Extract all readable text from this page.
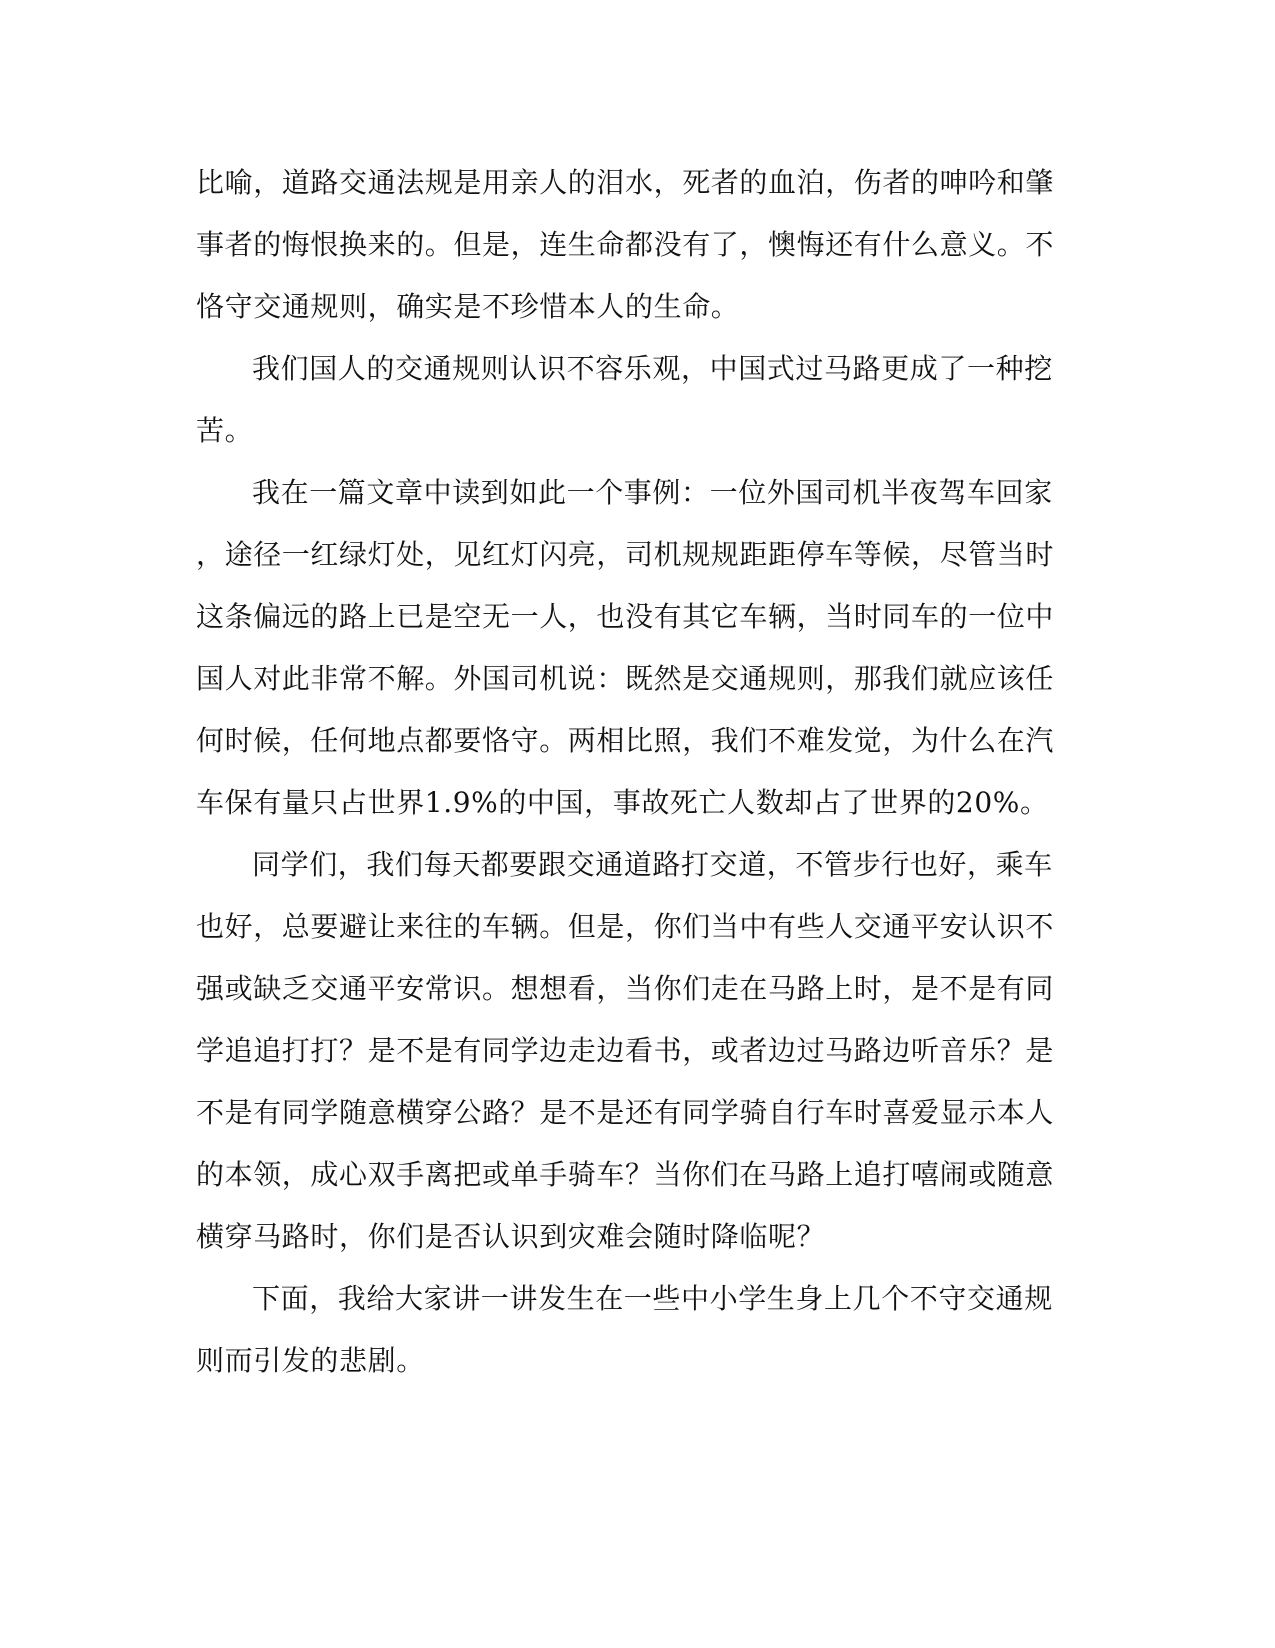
比喻，道路交通法规是用亲人的泪水，死者的血泊，伤者的呻吟和肇
事者的悔恨换来的。但是，连生命都没有了，懊悔还有什么意义。不
恪守交通规则，确实是不珍惜本人的生命。
我们国人的交通规则认识不容乐观，中国式过马路更成了一种挖
苦。
我在一篇文章中读到如此一个事例：一位外国司机半夜驾车回家
，途径一红绿灯处，见红灯闪亮，司机规规距距停车等候，尽管当时
这条偏远的路上已是空无一人，也没有其它车辆，当时同车的一位中
国人对此非常不解。外国司机说：既然是交通规则，那我们就应该任
何时候，任何地点都要恪守。两相比照，我们不难发觉，为什么在汽
车保有量只占世界1.9%的中国，事故死亡人数却占了世界的20%。
同学们，我们每天都要跟交通道路打交道，不管步行也好，乘车
也好，总要避让来往的车辆。但是，你们当中有些人交通平安认识不
强或缺乏交通平安常识。想想看，当你们走在马路上时，是不是有同
学追追打打？是不是有同学边走边看书，或者边过马路边听音乐？是
不是有同学随意横穿公路？是不是还有同学骑自行车时喜爱显示本人
的本领，成心双手离把或单手骑车？当你们在马路上追打嘻闹或随意
横穿马路时，你们是否认识到灾难会随时降临呢？
下面，我给大家讲一讲发生在一些中小学生身上几个不守交通规
则而引发的悲剧。
